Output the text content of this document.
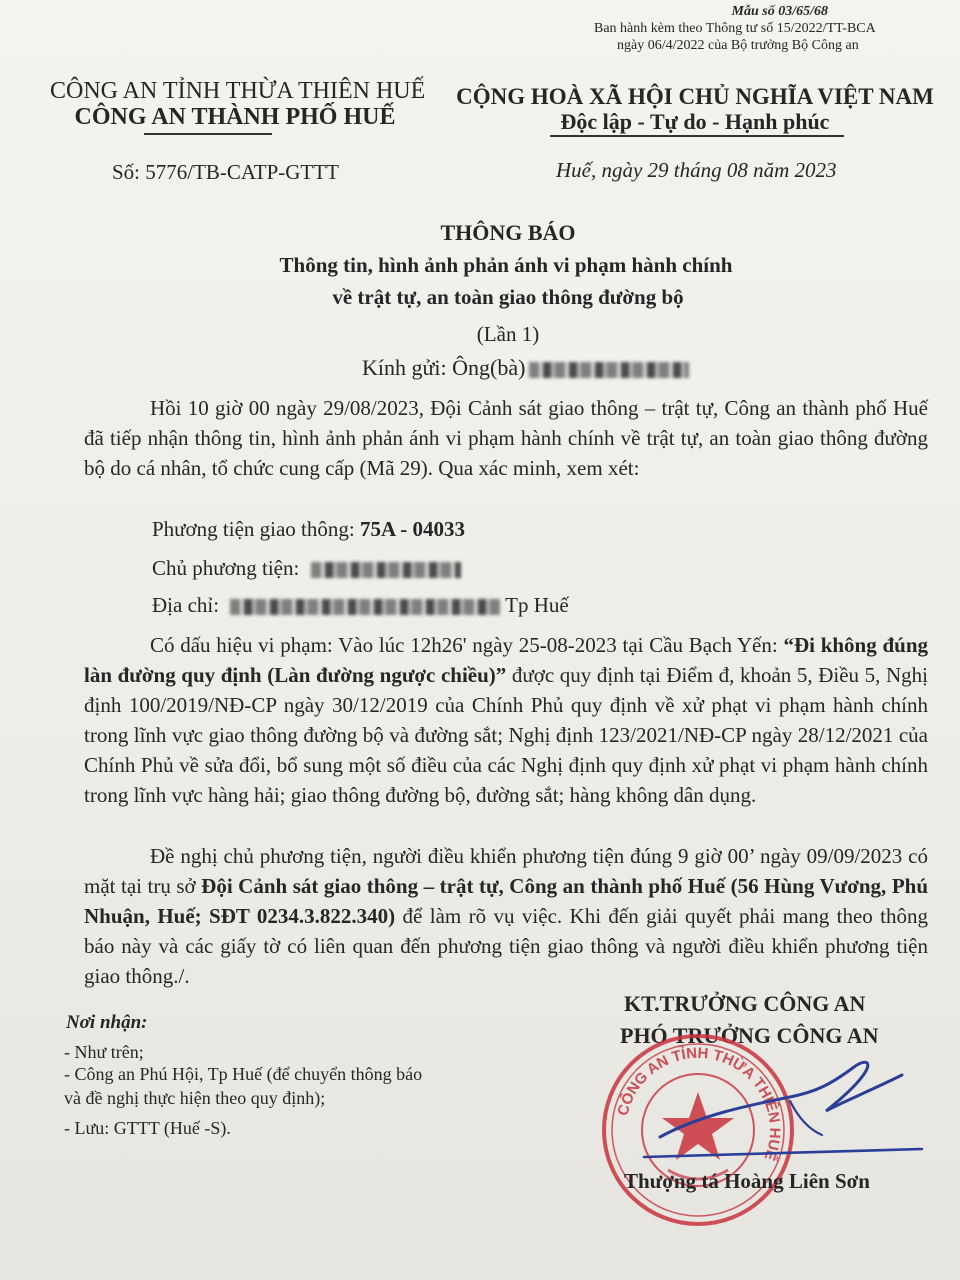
Mẫu số 03/65/68
Ban hành kèm theo Thông tư số 15/2022/TT-BCA
ngày 06/4/2022 của Bộ trưởng Bộ Công an
CÔNG AN TỈNH THỪA THIÊN HUẾ
CÔNG AN THÀNH PHỐ HUẾ
CỘNG HOÀ XÃ HỘI CHỦ NGHĨA VIỆT NAM
Độc lập - Tự do - Hạnh phúc
Số: 5776/TB-CATP-GTTT	Huế, ngày 29 tháng 08 năm 2023
THÔNG BÁO
Thông tin, hình ảnh phản ánh vi phạm hành chính
về trật tự, an toàn giao thông đường bộ
(Lần 1)
Kính gửi: Ông(bà)
Hồi 10 giờ 00 ngày 29/08/2023, Đội Cảnh sát giao thông – trật tự, Công an thành phố Huế đã tiếp nhận thông tin, hình ảnh phản ánh vi phạm hành chính về trật tự, an toàn giao thông đường bộ do cá nhân, tổ chức cung cấp (Mã 29). Qua xác minh, xem xét:
Phương tiện giao thông: 75A - 04033
Chủ phương tiện:
Địa chỉ:	Tp Huế
Có dấu hiệu vi phạm: Vào lúc 12h26' ngày 25-08-2023 tại Cầu Bạch Yến: “Đi không đúng làn đường quy định (Làn đường ngược chiều)” được quy định tại Điểm đ, khoản 5, Điều 5, Nghị định 100/2019/NĐ-CP ngày 30/12/2019 của Chính Phủ quy định về xử phạt vi phạm hành chính trong lĩnh vực giao thông đường bộ và đường sắt; Nghị định 123/2021/NĐ-CP ngày 28/12/2021 của Chính Phủ về sửa đổi, bổ sung một số điều của các Nghị định quy định xử phạt vi phạm hành chính trong lĩnh vực hàng hải; giao thông đường bộ, đường sắt; hàng không dân dụng.
Đề nghị chủ phương tiện, người điều khiển phương tiện đúng 9 giờ 00’ ngày 09/09/2023 có mặt tại trụ sở Đội Cảnh sát giao thông – trật tự, Công an thành phố Huế (56 Hùng Vương, Phú Nhuận, Huế; SĐT 0234.3.822.340) để làm rõ vụ việc. Khi đến giải quyết phải mang theo thông báo này và các giấy tờ có liên quan đến phương tiện giao thông và người điều khiển phương tiện giao thông./.
Nơi nhận:
- Như trên;
- Công an Phú Hội, Tp Huế (để chuyển thông báo
và đề nghị thực hiện theo quy định);
- Lưu: GTTT (Huế -S).
KT.TRƯỞNG CÔNG AN
PHÓ TRƯỞNG CÔNG AN
CÔNG AN TỈNH THỪA THIÊN HUẾ
Thượng tá Hoàng Liên Sơn
